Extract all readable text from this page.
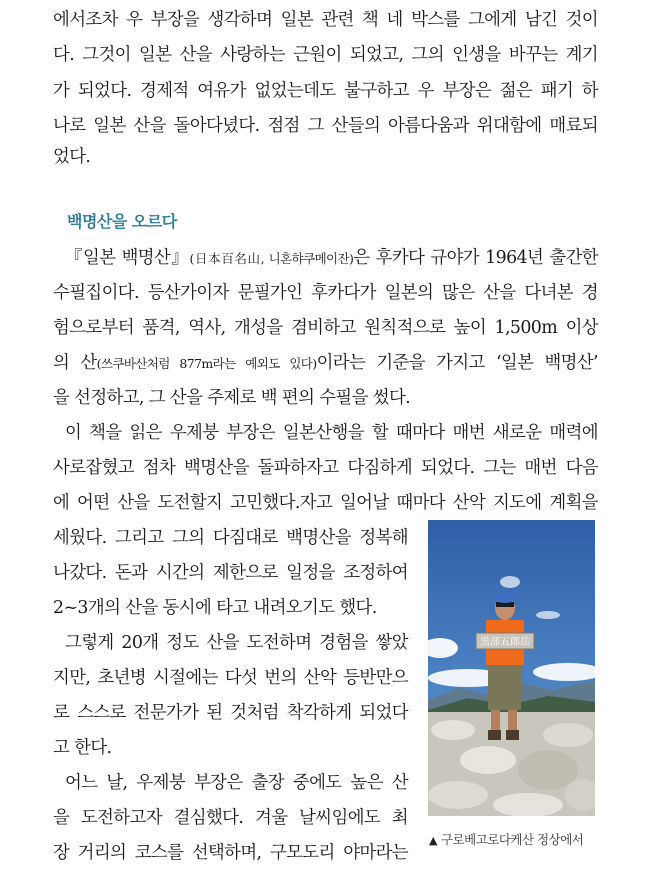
에서조차 우 부장을 생각하며 일본 관련 책 네 박스를 그에게 남긴 것이
다. 그것이 일본 산을 사랑하는 근원이 되었고, 그의 인생을 바꾸는 계기
가 되었다. 경제적 여유가 없었는데도 불구하고 우 부장은 젊은 패기 하
나로 일본 산을 돌아다녔다. 점점 그 산들의 아름다움과 위대함에 매료되
었다.
백명산을 오르다
『일본 백명산』(日本百名山, 니혼햐쿠메이잔)은 후카다 규야가 1964년 출간한
수필집이다. 등산가이자 문필가인 후카다가 일본의 많은 산을 다녀본 경
험으로부터 품격, 역사, 개성을 겸비하고 원칙적으로 높이 1,500m 이상
의 산(쓰쿠바산처럼 877m라는 예외도 있다)이라는 기준을 가지고 ‘일본 백명산’
을 선정하고, 그 산을 주제로 백 편의 수필을 썼다.
이 책을 읽은 우제붕 부장은 일본산행을 할 때마다 매번 새로운 매력에
사로잡혔고 점차 백명산을 돌파하자고 다짐하게 되었다. 그는 매번 다음
에 어떤 산을 도전할지 고민했다.자고 일어날 때마다 산악 지도에 계획을
세웠다. 그리고 그의 다짐대로 백명산을 정복해
나갔다. 돈과 시간의 제한으로 일정을 조정하여
2~3개의 산을 동시에 타고 내려오기도 했다.
그렇게 20개 정도 산을 도전하며 경험을 쌓았
지만, 초년병 시절에는 다섯 번의 산악 등반만으
로 스스로 전문가가 된 것처럼 착각하게 되었다
고 한다.
어느 날, 우제붕 부장은 출장 중에도 높은 산
을 도전하고자 결심했다. 겨울 날씨임에도 최
장 거리의 코스를 선택하며, 구모도리 야마라는
黒部五郎岳
▲ 구로베고로다케산 정상에서
